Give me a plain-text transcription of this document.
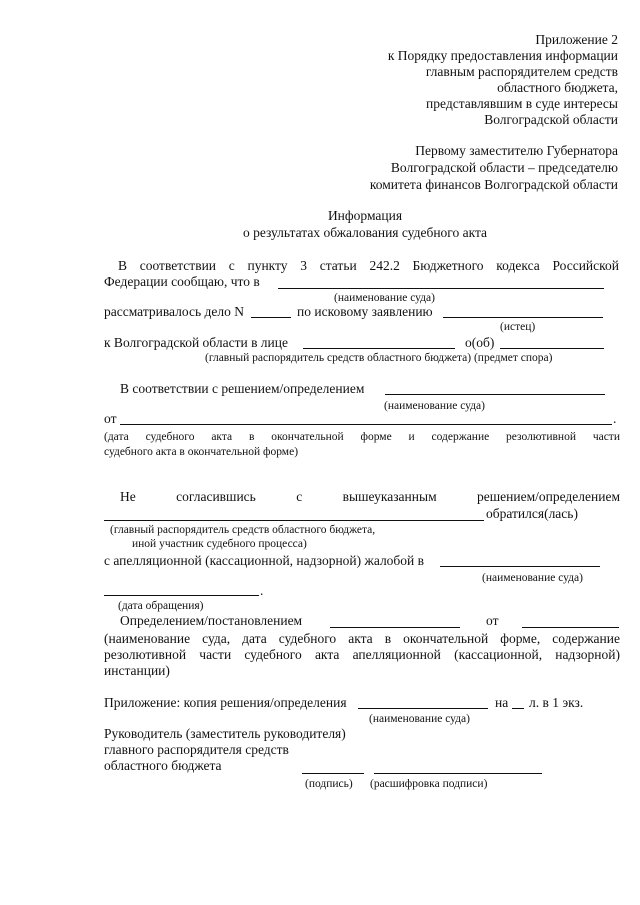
Приложение 2
к Порядку предоставления информации
главным распорядителем средств
областного бюджета,
представлявшим в суде интересы
Волгоградской области
Первому заместителю Губернатора
Волгоградской области – председателю
комитета финансов Волгоградской области
Информация
о результатах обжалования судебного акта
В соответствии с пункту 3 статьи 242.2 Бюджетного кодекса Российской
Федерации сообщаю, что в
(наименование суда)
рассматривалось дело N	по исковому заявлению
(истец)
к Волгоградской области в лице	о(об)
(главный распорядитель средств областного бюджета) (предмет спора)
В соответствии с решением/определением
(наименование суда)
от	.
(дата судебного акта в окончательной форме и содержание резолютивной части
судебного акта в окончательной форме)
Не согласившись с вышеуказанным решением/определением
обратился(лась)
(главный распорядитель средств областного бюджета,
иной участник судебного процесса)
с апелляционной (кассационной, надзорной) жалобой в
(наименование суда)
.
(дата обращения)
Определением/постановлением	от
(наименование суда, дата судебного акта в окончательной форме, содержание
резолютивной части судебного акта апелляционной (кассационной, надзорной)
инстанции)
Приложение: копия решения/определения	на л. в 1 экз.
(наименование суда)
Руководитель (заместитель руководителя)
главного распорядителя средств
областного бюджета
(подпись) (расшифровка подписи)
